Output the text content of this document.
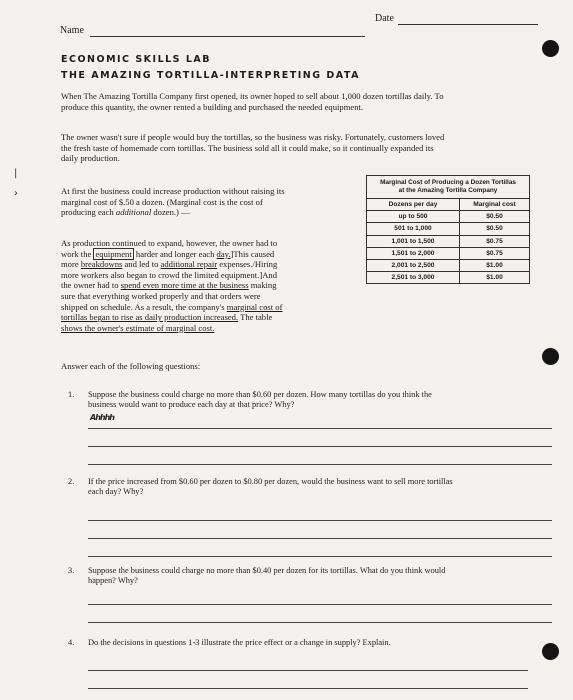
Name
Date
|
›
ECONOMIC SKILLS LAB
THE AMAZING TORTILLA-INTERPRETING DATA
When The Amazing Tortilla Company first opened, its owner hoped to sell about 1,000 dozen tortillas daily. To
produce this quantity, the owner rented a building and purchased the needed equipment.
The owner wasn't sure if people would buy the tortillas, so the business was risky. Fortunately, customers loved
the fresh taste of homemade corn tortillas. The business sold all it could make, so it continually expanded its
daily production.
At first the business could increase production without raising its
marginal cost of $.50 a dozen. (Marginal cost is the cost of
producing each additional dozen.) —
As production continued to expand, however, the owner had to
work the equipment harder and longer each day.]This caused
more breakdowns and led to additional repair expenses./Hiring
more workers also began to crowd the limited equipment.]And
the owner had to spend even more time at the business making
sure that everything worked properly and that orders were
shipped on schedule. As a result, the company's marginal cost of
tortillas began to rise as daily production increased. The table
shows the owner's estimate of marginal cost.
Marginal Cost of Producing a Dozen Tortillas
at the Amazing Tortilla Company	

Dozens per day	Marginal cost
up to 500	$0.50
501 to 1,000	$0.50
1,001 to 1,500	$0.75
1,501 to 2,000	$0.75
2,001 to 2,500	$1.00
2,501 to 3,000	$1.00
Answer each of the following questions:
1. Suppose the business could charge no more than $0.60 per dozen. How many tortillas do you think the
business would want to produce each day at that price? Why?
Ahhhh
2. If the price increased from $0.60 per dozen to $0.80 per dozen, would the business want to sell more tortillas
each day? Why?
3. Suppose the business could charge no more than $0.40 per dozen for its tortillas. What do you think would
happen? Why?
4. Do the decisions in questions 1-3 illustrate the price effect or a change in supply? Explain.
